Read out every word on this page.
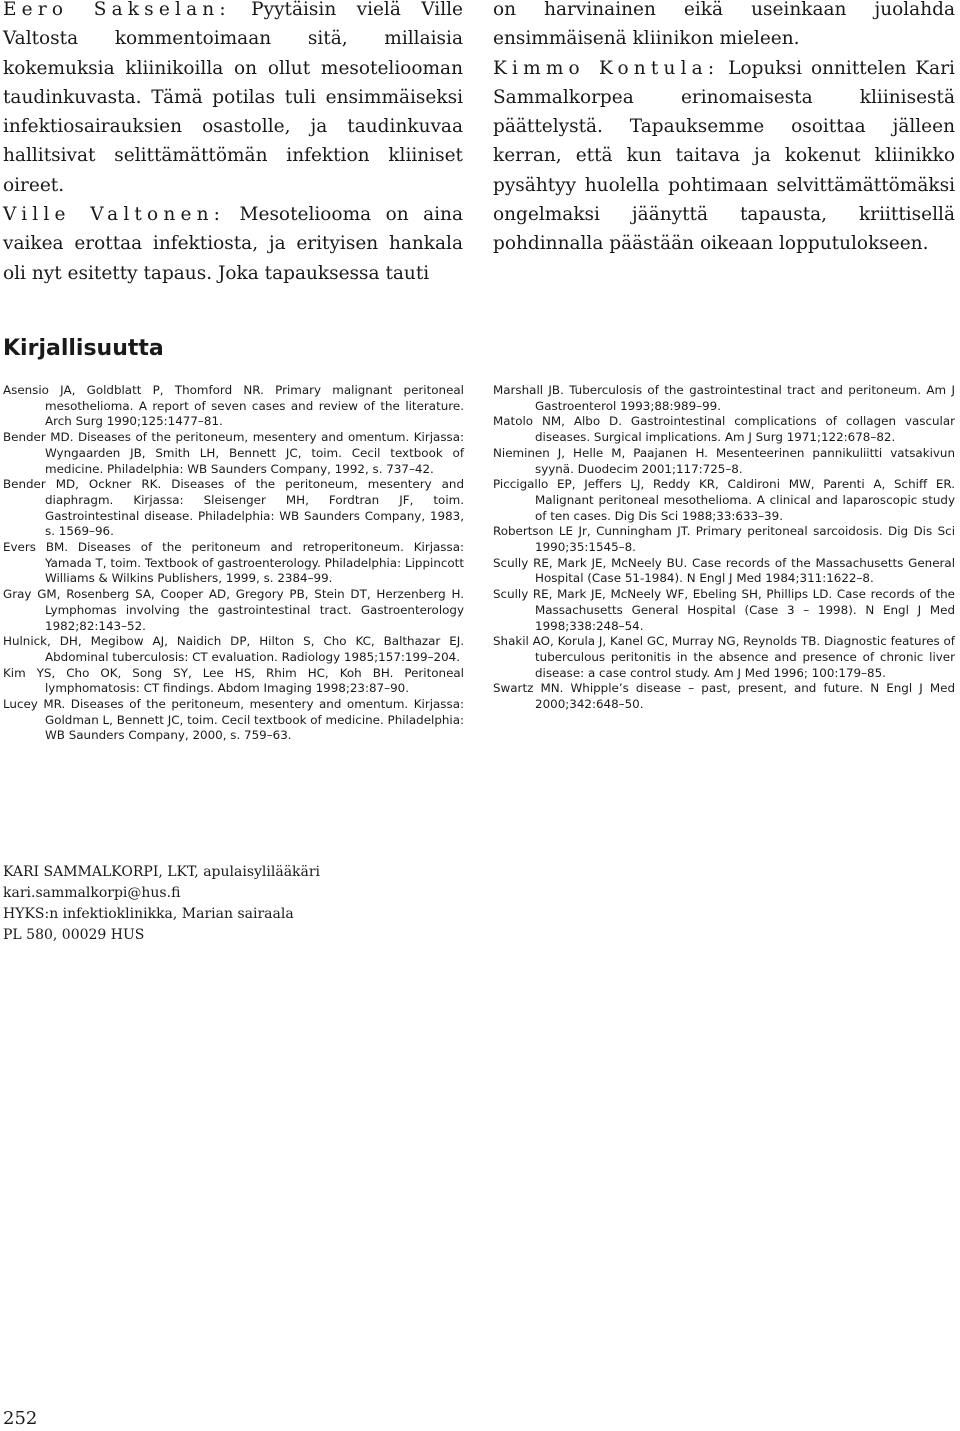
Eero Sakselan: Pyytäisin vielä Ville Valtosta kommentoimaan sitä, millaisia kokemuksia kliinikoilla on ollut mesoteliooman taudinkuvasta. Tämä potilas tuli ensimmäiseksi infektiosairauksien osastolle, ja taudinkuvaa hallitsivat selittämättömän infektion kliiniset oireet.

Ville Valtonen: Mesoteliooma on aina vaikea erottaa infektiosta, ja erityisen hankala oli nyt esitetty tapaus. Joka tapauksessa tauti

on harvinainen eikä useinkaan juolahda ensimmäisenä kliinikon mieleen.

Kimmo Kontula: Lopuksi onnittelen Kari Sammalkorpea erinomaisesta kliinisestä päättelystä. Tapauksemme osoittaa jälleen kerran, että kun taitava ja kokenut kliinikko pysähtyy huolella pohtimaan selvittämättömäksi ongelmaksi jäänyttä tapausta, kriittisellä pohdinnalla päästään oikeaan lopputulokseen.

Kirjallisuutta
Asensio JA, Goldblatt P, Thomford NR. Primary malignant peritoneal mesothelioma. A report of seven cases and review of the literature. Arch Surg 1990;125:1477–81.
Bender MD. Diseases of the peritoneum, mesentery and omentum. Kirjassa: Wyngaarden JB, Smith LH, Bennett JC, toim. Cecil textbook of medicine. Philadelphia: WB Saunders Company, 1992, s. 737–42.
Bender MD, Ockner RK. Diseases of the peritoneum, mesentery and diaphragm. Kirjassa: Sleisenger MH, Fordtran JF, toim. Gastrointestinal disease. Philadelphia: WB Saunders Company, 1983, s. 1569–96.
Evers BM. Diseases of the peritoneum and retroperitoneum. Kirjassa: Yamada T, toim. Textbook of gastroenterology. Philadelphia: Lippincott Williams & Wilkins Publishers, 1999, s. 2384–99.
Gray GM, Rosenberg SA, Cooper AD, Gregory PB, Stein DT, Herzenberg H. Lymphomas involving the gastrointestinal tract. Gastroenterology 1982;82:143–52.
Hulnick, DH, Megibow AJ, Naidich DP, Hilton S, Cho KC, Balthazar EJ. Abdominal tuberculosis: CT evaluation. Radiology 1985;157:199–204.
Kim YS, Cho OK, Song SY, Lee HS, Rhim HC, Koh BH. Peritoneal lymphomatosis: CT findings. Abdom Imaging 1998;23:87–90.
Lucey MR. Diseases of the peritoneum, mesentery and omentum. Kirjassa: Goldman L, Bennett JC, toim. Cecil textbook of medicine. Philadelphia: WB Saunders Company, 2000, s. 759–63.
Marshall JB. Tuberculosis of the gastrointestinal tract and peritoneum. Am J Gastroenterol 1993;88:989–99.
Matolo NM, Albo D. Gastrointestinal complications of collagen vascular diseases. Surgical implications. Am J Surg 1971;122:678–82.
Nieminen J, Helle M, Paajanen H. Mesenteerinen pannikuliitti vatsakivun syynä. Duodecim 2001;117:725–8.
Piccigallo EP, Jeffers LJ, Reddy KR, Caldironi MW, Parenti A, Schiff ER. Malignant peritoneal mesothelioma. A clinical and laparoscopic study of ten cases. Dig Dis Sci 1988;33:633–39.
Robertson LE Jr, Cunningham JT. Primary peritoneal sarcoidosis. Dig Dis Sci 1990;35:1545–8.
Scully RE, Mark JE, McNeely BU. Case records of the Massachusetts General Hospital (Case 51-1984). N Engl J Med 1984;311:1622–8.
Scully RE, Mark JE, McNeely WF, Ebeling SH, Phillips LD. Case records of the Massachusetts General Hospital (Case 3 – 1998). N Engl J Med 1998;338:248–54.
Shakil AO, Korula J, Kanel GC, Murray NG, Reynolds TB. Diagnostic features of tuberculous peritonitis in the absence and presence of chronic liver disease: a case control study. Am J Med 1996; 100:179–85.
Swartz MN. Whipple’s disease – past, present, and future. N Engl J Med 2000;342:648–50.
KARI SAMMALKORPI, LKT, apulaisylilääkäri
kari.sammalkorpi@hus.fi
HYKS:n infektioklinikka, Marian sairaala
PL 580, 00029 HUS
252
